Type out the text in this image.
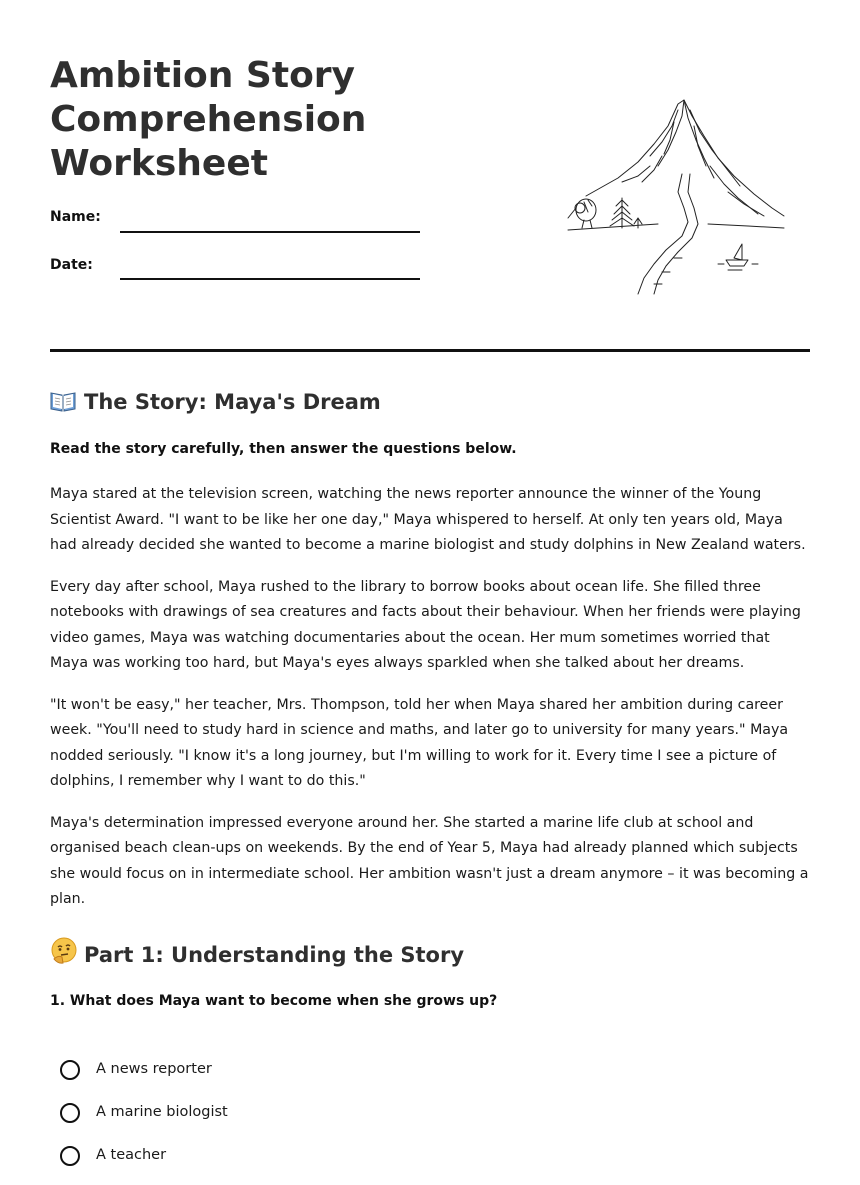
Ambition Story Comprehension Worksheet
Name:
Date:
The Story: Maya's Dream
Read the story carefully, then answer the questions below.

Maya stared at the television screen, watching the news reporter announce the winner of the Young Scientist Award. "I want to be like her one day," Maya whispered to herself. At only ten years old, Maya had already decided she wanted to become a marine biologist and study dolphins in New Zealand waters.

Every day after school, Maya rushed to the library to borrow books about ocean life. She filled three notebooks with drawings of sea creatures and facts about their behaviour. When her friends were playing video games, Maya was watching documentaries about the ocean. Her mum sometimes worried that Maya was working too hard, but Maya's eyes always sparkled when she talked about her dreams.

"It won't be easy," her teacher, Mrs. Thompson, told her when Maya shared her ambition during career week. "You'll need to study hard in science and maths, and later go to university for many years." Maya nodded seriously. "I know it's a long journey, but I'm willing to work for it. Every time I see a picture of dolphins, I remember why I want to do this."

Maya's determination impressed everyone around her. She started a marine life club at school and organised beach clean-ups on weekends. By the end of Year 5, Maya had already planned which subjects she would focus on in intermediate school. Her ambition wasn't just a dream anymore – it was becoming a plan.

Part 1: Understanding the Story
1. What does Maya want to become when she grows up?
A news reporter
A marine biologist
A teacher
